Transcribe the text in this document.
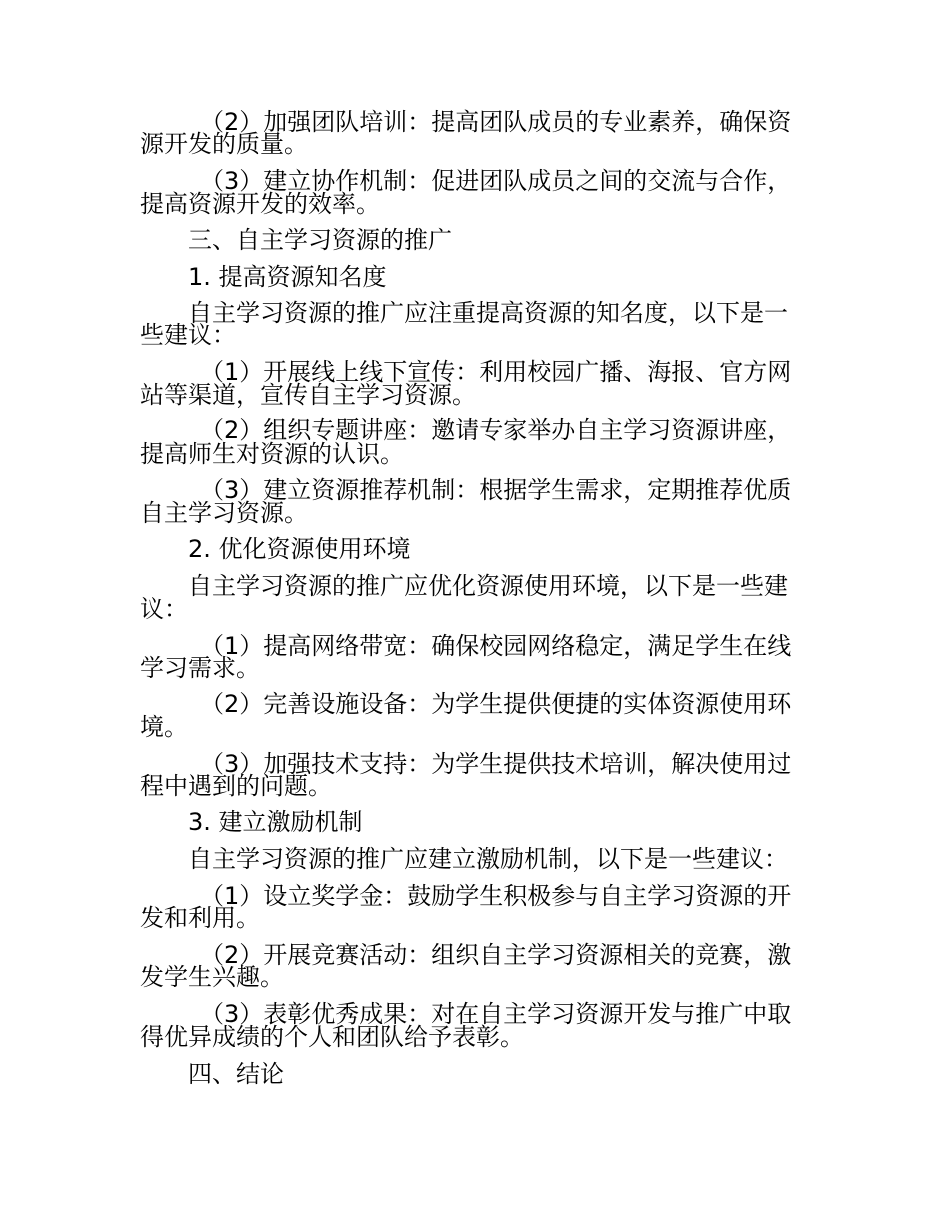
（2）加强团队培训：提高团队成员的专业素养，确保资
源开发的质量。
（3）建立协作机制：促进团队成员之间的交流与合作，
提高资源开发的效率。
三、自主学习资源的推广
1. 提高资源知名度
自主学习资源的推广应注重提高资源的知名度，以下是一
些建议：
（1）开展线上线下宣传：利用校园广播、海报、官方网
站等渠道，宣传自主学习资源。
（2）组织专题讲座：邀请专家举办自主学习资源讲座，
提高师生对资源的认识。
（3）建立资源推荐机制：根据学生需求，定期推荐优质
自主学习资源。
2. 优化资源使用环境
自主学习资源的推广应优化资源使用环境，以下是一些建
议：
（1）提高网络带宽：确保校园网络稳定，满足学生在线
学习需求。
（2）完善设施设备：为学生提供便捷的实体资源使用环
境。
（3）加强技术支持：为学生提供技术培训，解决使用过
程中遇到的问题。
3. 建立激励机制
自主学习资源的推广应建立激励机制，以下是一些建议：
（1）设立奖学金：鼓励学生积极参与自主学习资源的开
发和利用。
（2）开展竞赛活动：组织自主学习资源相关的竞赛，激
发学生兴趣。
（3）表彰优秀成果：对在自主学习资源开发与推广中取
得优异成绩的个人和团队给予表彰。
四、结论
